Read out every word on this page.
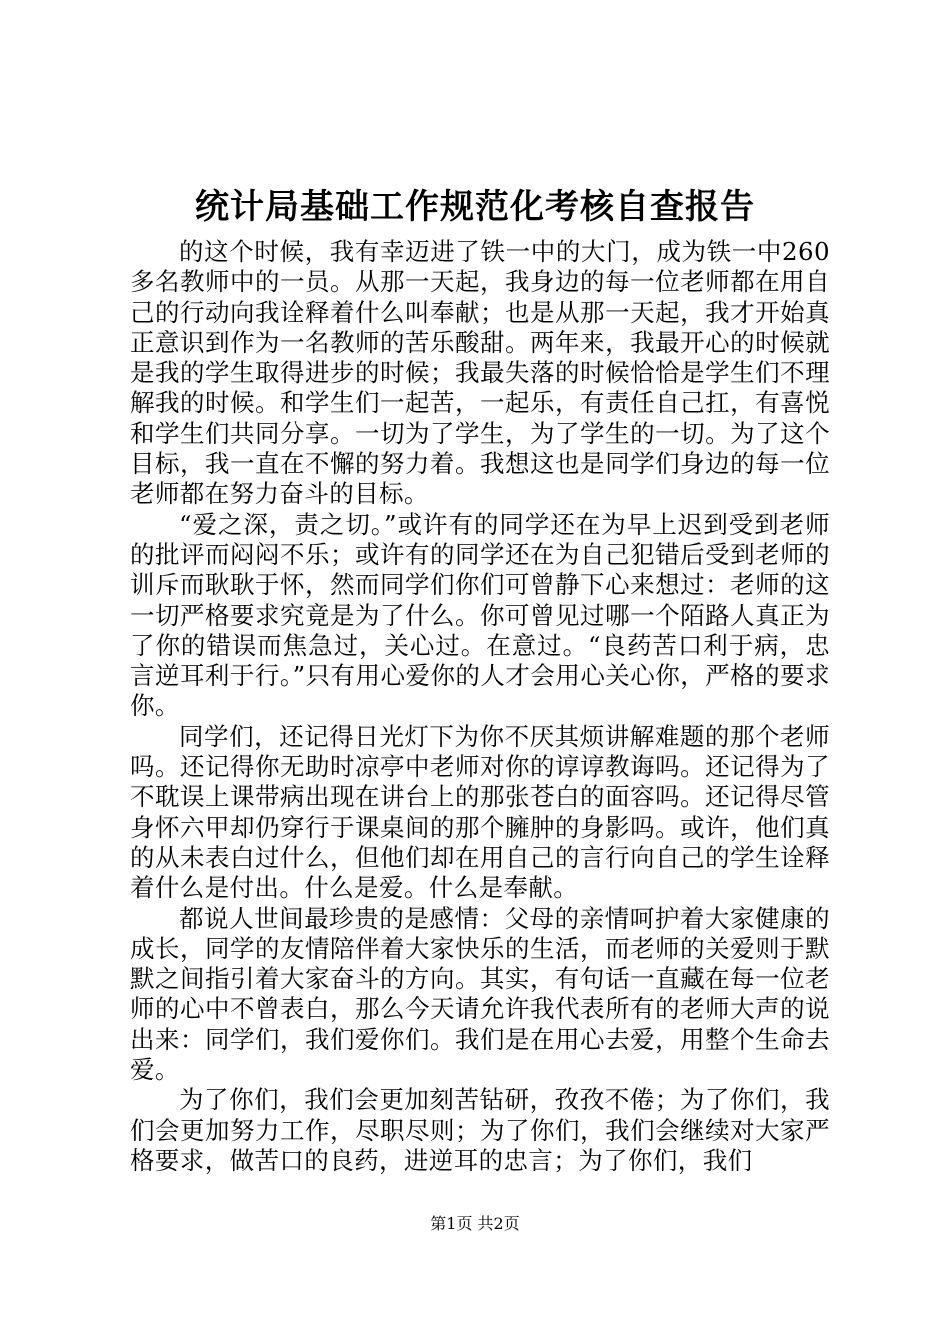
统计局基础工作规范化考核自查报告

的这个时候，我有幸迈进了铁一中的大门，成为铁一中260多名教师中的一员。从那一天起，我身边的每一位老师都在用自己的行动向我诠释着什么叫奉献；也是从那一天起，我才开始真正意识到作为一名教师的苦乐酸甜。两年来，我最开心的时候就是我的学生取得进步的时候；我最失落的时候恰恰是学生们不理解我的时候。和学生们一起苦，一起乐，有责任自己扛，有喜悦和学生们共同分享。一切为了学生，为了学生的一切。为了这个目标，我一直在不懈的努力着。我想这也是同学们身边的每一位老师都在努力奋斗的目标。

“爱之深，责之切。”或许有的同学还在为早上迟到受到老师的批评而闷闷不乐；或许有的同学还在为自己犯错后受到老师的训斥而耿耿于怀，然而同学们你们可曾静下心来想过：老师的这一切严格要求究竟是为了什么。你可曾见过哪一个陌路人真正为了你的错误而焦急过，关心过。在意过。“良药苦口利于病，忠言逆耳利于行。”只有用心爱你的人才会用心关心你，严格的要求你。

同学们，还记得日光灯下为你不厌其烦讲解难题的那个老师吗。还记得你无助时凉亭中老师对你的谆谆教诲吗。还记得为了不耽误上课带病出现在讲台上的那张苍白的面容吗。还记得尽管身怀六甲却仍穿行于课桌间的那个臃肿的身影吗。或许，他们真的从未表白过什么，但他们却在用自己的言行向自己的学生诠释着什么是付出。什么是爱。什么是奉献。

都说人世间最珍贵的是感情：父母的亲情呵护着大家健康的成长，同学的友情陪伴着大家快乐的生活，而老师的关爱则于默默之间指引着大家奋斗的方向。其实，有句话一直藏在每一位老师的心中不曾表白，那么今天请允许我代表所有的老师大声的说出来：同学们，我们爱你们。我们是在用心去爱，用整个生命去爱。

为了你们，我们会更加刻苦钻研，孜孜不倦；为了你们，我们会更加努力工作，尽职尽则；为了你们，我们会继续对大家严格要求，做苦口的良药，进逆耳的忠言；为了你们，我们

第1页 共2页
